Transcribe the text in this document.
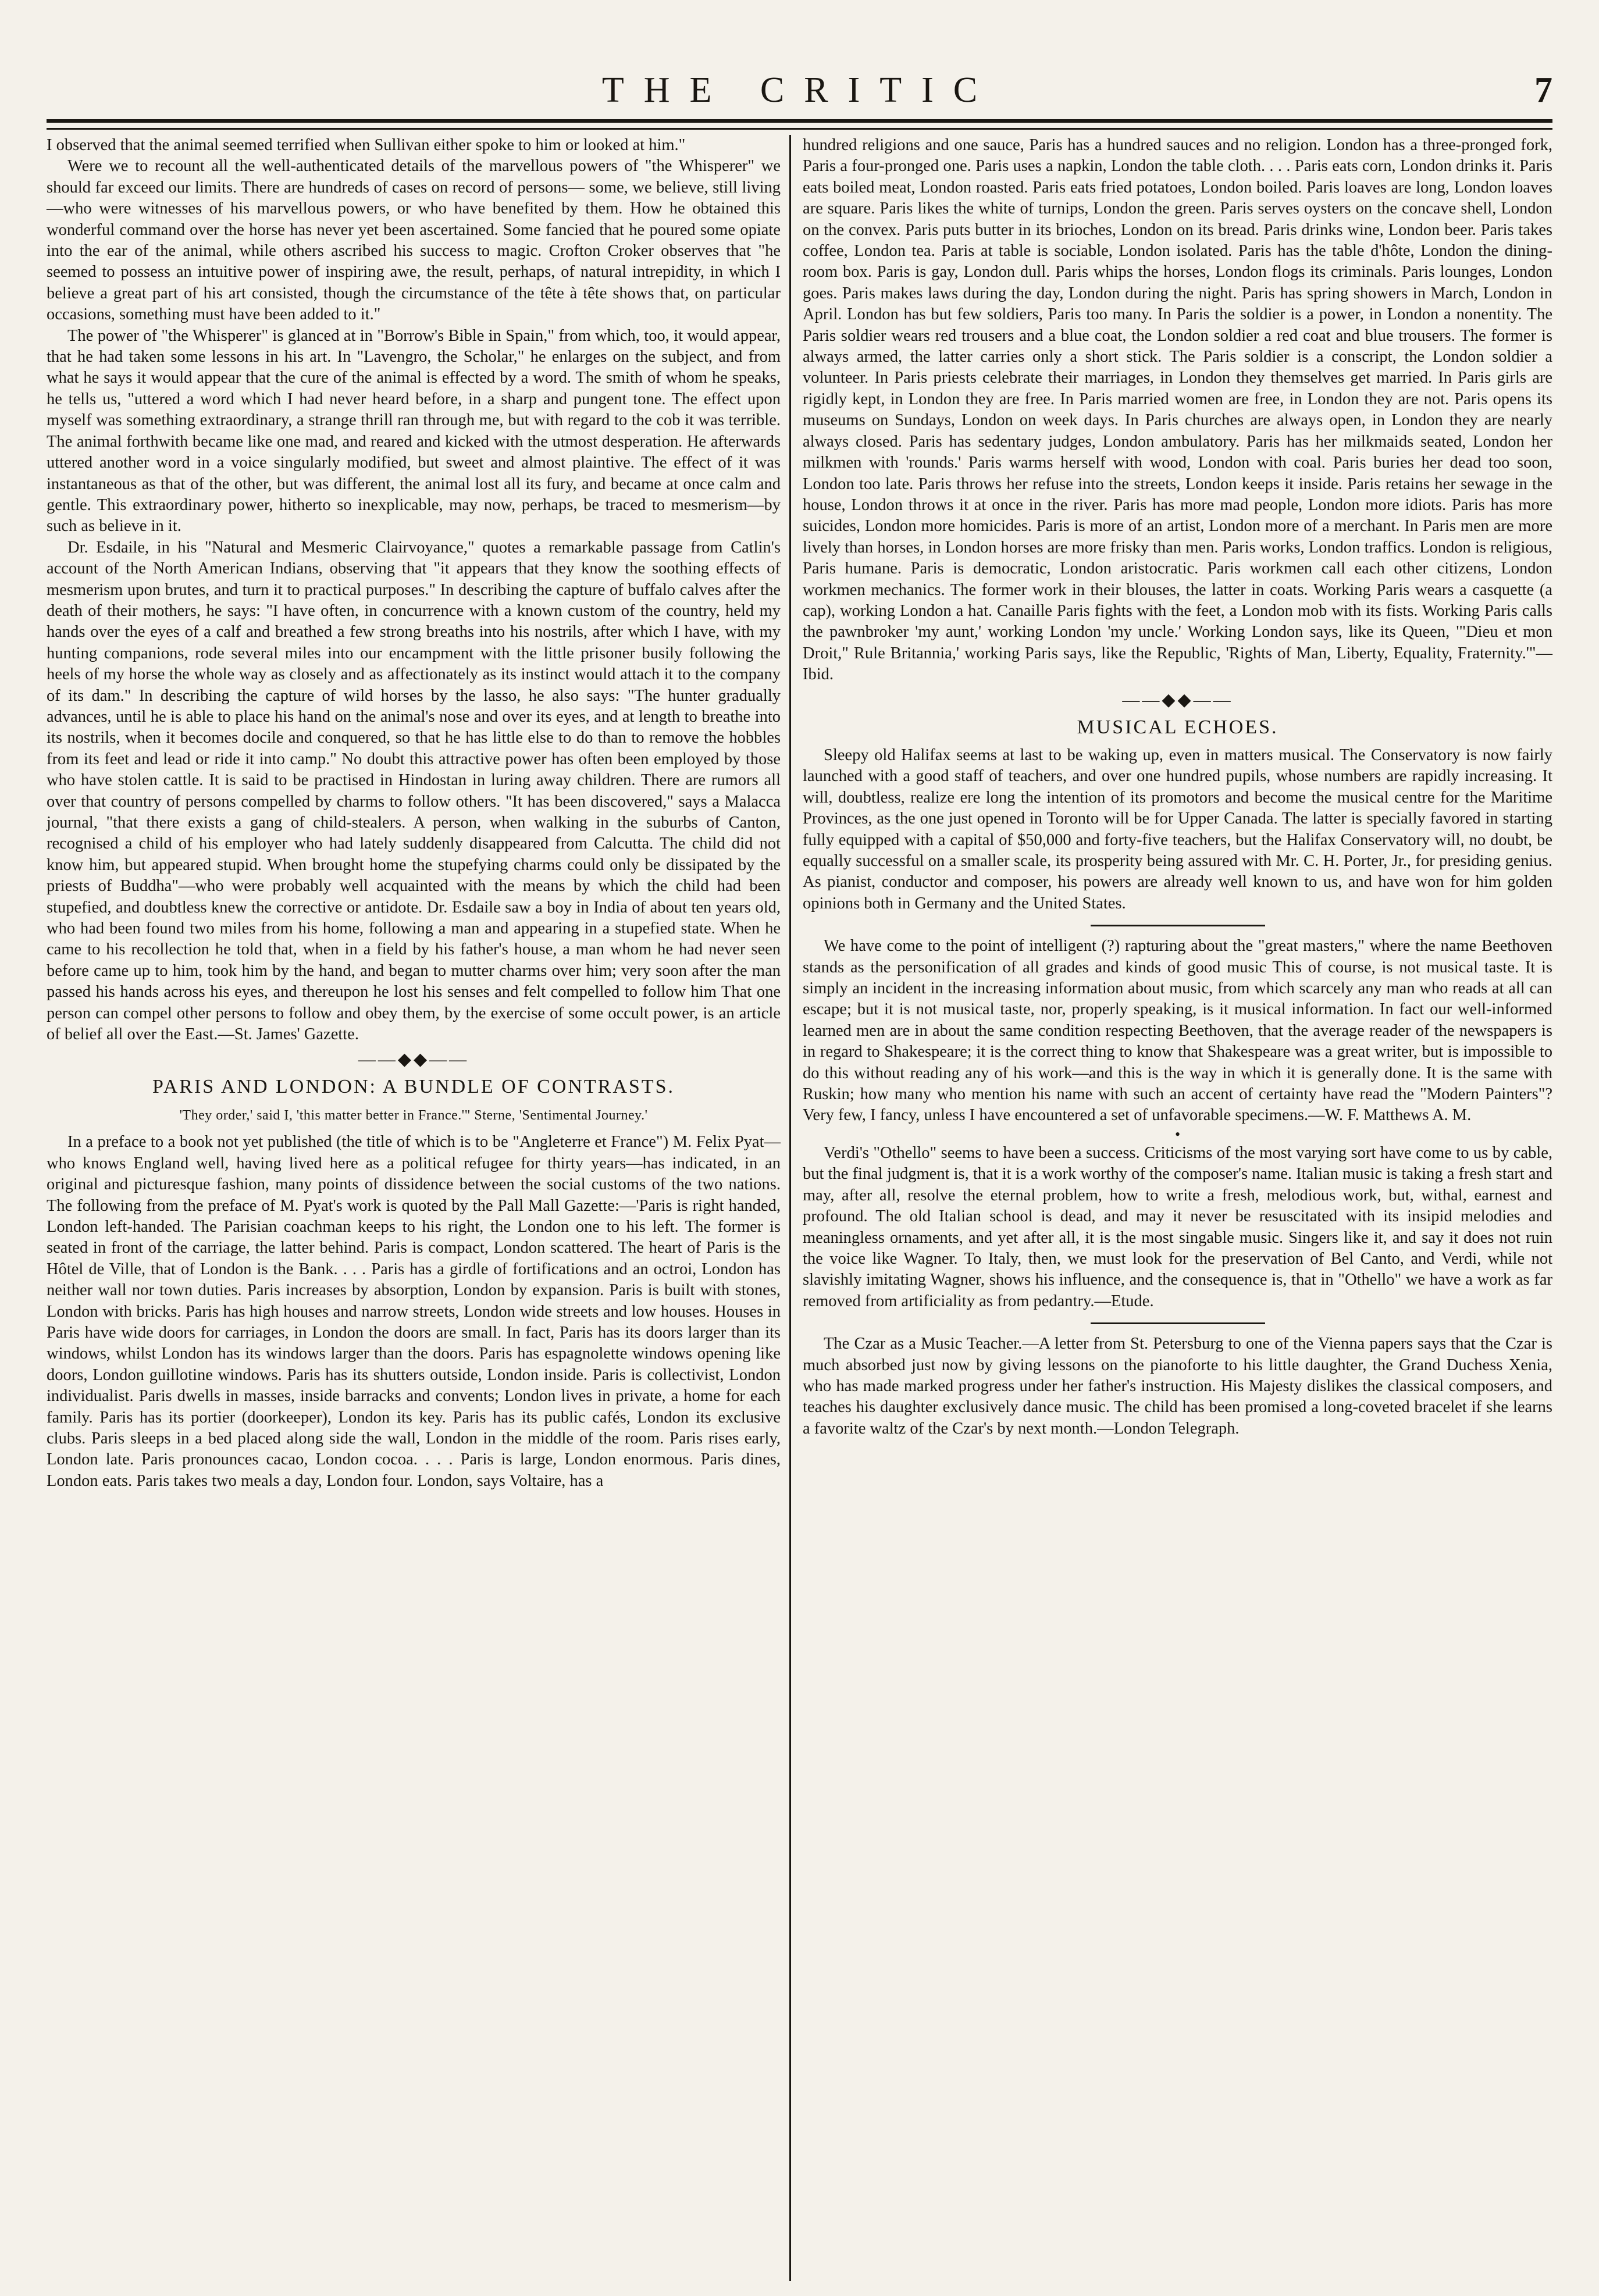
THE CRITIC	7

I observed that the animal seemed terrified when Sullivan either spoke to him or looked at him."

Were we to recount all the well-authenticated details of the marvellous powers of "the Whisperer" we should far exceed our limits. There are hundreds of cases on record of persons— some, we believe, still living—who were witnesses of his marvellous powers, or who have benefited by them. How he obtained this wonderful command over the horse has never yet been ascertained. Some fancied that he poured some opiate into the ear of the animal, while others ascribed his success to magic. Crofton Croker observes that "he seemed to possess an intuitive power of inspiring awe, the result, perhaps, of natural intrepidity, in which I believe a great part of his art consisted, though the circumstance of the tête à tête shows that, on particular occasions, something must have been added to it."

The power of "the Whisperer" is glanced at in "Borrow's Bible in Spain," from which, too, it would appear, that he had taken some lessons in his art. In "Lavengro, the Scholar," he enlarges on the subject, and from what he says it would appear that the cure of the animal is effected by a word. The smith of whom he speaks, he tells us, "uttered a word which I had never heard before, in a sharp and pungent tone. The effect upon myself was something extraordinary, a strange thrill ran through me, but with regard to the cob it was terrible. The animal forthwith became like one mad, and reared and kicked with the utmost desperation. He afterwards uttered another word in a voice singularly modified, but sweet and almost plaintive. The effect of it was instantaneous as that of the other, but was different, the animal lost all its fury, and became at once calm and gentle. This extraordinary power, hitherto so inexplicable, may now, perhaps, be traced to mesmerism—by such as believe in it.

Dr. Esdaile, in his "Natural and Mesmeric Clairvoyance," quotes a remarkable passage from Catlin's account of the North American Indians, observing that "it appears that they know the soothing effects of mesmerism upon brutes, and turn it to practical purposes." In describing the capture of buffalo calves after the death of their mothers, he says: "I have often, in concurrence with a known custom of the country, held my hands over the eyes of a calf and breathed a few strong breaths into his nostrils, after which I have, with my hunting companions, rode several miles into our encampment with the little prisoner busily following the heels of my horse the whole way as closely and as affectionately as its instinct would attach it to the company of its dam." In describing the capture of wild horses by the lasso, he also says: "The hunter gradually advances, until he is able to place his hand on the animal's nose and over its eyes, and at length to breathe into its nostrils, when it becomes docile and conquered, so that he has little else to do than to remove the hobbles from its feet and lead or ride it into camp." No doubt this attractive power has often been employed by those who have stolen cattle. It is said to be practised in Hindostan in luring away children. There are rumors all over that country of persons compelled by charms to follow others. "It has been discovered," says a Malacca journal, "that there exists a gang of child-stealers. A person, when walking in the suburbs of Canton, recognised a child of his employer who had lately suddenly disappeared from Calcutta. The child did not know him, but appeared stupid. When brought home the stupefying charms could only be dissipated by the priests of Buddha"—who were probably well acquainted with the means by which the child had been stupefied, and doubtless knew the corrective or antidote. Dr. Esdaile saw a boy in India of about ten years old, who had been found two miles from his home, following a man and appearing in a stupefied state. When he came to his recollection he told that, when in a field by his father's house, a man whom he had never seen before came up to him, took him by the hand, and began to mutter charms over him; very soon after the man passed his hands across his eyes, and thereupon he lost his senses and felt compelled to follow him That one person can compel other persons to follow and obey them, by the exercise of some occult power, is an article of belief all over the East.—St. James' Gazette.

——◆◆——
PARIS AND LONDON: A BUNDLE OF CONTRASTS.
'They order,' said I, 'this matter better in France.'" Sterne, 'Sentimental Journey.'

In a preface to a book not yet published (the title of which is to be "Angleterre et France") M. Felix Pyat—who knows England well, having lived here as a political refugee for thirty years—has indicated, in an original and picturesque fashion, many points of dissidence between the social customs of the two nations. The following from the preface of M. Pyat's work is quoted by the Pall Mall Gazette:—'Paris is right handed, London left-handed. The Parisian coachman keeps to his right, the London one to his left. The former is seated in front of the carriage, the latter behind. Paris is compact, London scattered. The heart of Paris is the Hôtel de Ville, that of London is the Bank. . . . Paris has a girdle of fortifications and an octroi, London has neither wall nor town duties. Paris increases by absorption, London by expansion. Paris is built with stones, London with bricks. Paris has high houses and narrow streets, London wide streets and low houses. Houses in Paris have wide doors for carriages, in London the doors are small. In fact, Paris has its doors larger than its windows, whilst London has its windows larger than the doors. Paris has espagnolette windows opening like doors, London guillotine windows. Paris has its shutters outside, London inside. Paris is collectivist, London individualist. Paris dwells in masses, inside barracks and convents; London lives in private, a home for each family. Paris has its portier (doorkeeper), London its key. Paris has its public cafés, London its exclusive clubs. Paris sleeps in a bed placed along side the wall, London in the middle of the room. Paris rises early, London late. Paris pronounces cacao, London cocoa. . . . Paris is large, London enormous. Paris dines, London eats. Paris takes two meals a day, London four. London, says Voltaire, has a

hundred religions and one sauce, Paris has a hundred sauces and no religion. London has a three-pronged fork, Paris a four-pronged one. Paris uses a napkin, London the table cloth. . . . Paris eats corn, London drinks it. Paris eats boiled meat, London roasted. Paris eats fried potatoes, London boiled. Paris loaves are long, London loaves are square. Paris likes the white of turnips, London the green. Paris serves oysters on the concave shell, London on the convex. Paris puts butter in its brioches, London on its bread. Paris drinks wine, London beer. Paris takes coffee, London tea. Paris at table is sociable, London isolated. Paris has the table d'hôte, London the dining-room box. Paris is gay, London dull. Paris whips the horses, London flogs its criminals. Paris lounges, London goes. Paris makes laws during the day, London during the night. Paris has spring showers in March, London in April. London has but few soldiers, Paris too many. In Paris the soldier is a power, in London a nonentity. The Paris soldier wears red trousers and a blue coat, the London soldier a red coat and blue trousers. The former is always armed, the latter carries only a short stick. The Paris soldier is a conscript, the London soldier a volunteer. In Paris priests celebrate their marriages, in London they themselves get married. In Paris girls are rigidly kept, in London they are free. In Paris married women are free, in London they are not. Paris opens its museums on Sundays, London on week days. In Paris churches are always open, in London they are nearly always closed. Paris has sedentary judges, London ambulatory. Paris has her milkmaids seated, London her milkmen with 'rounds.' Paris warms herself with wood, London with coal. Paris buries her dead too soon, London too late. Paris throws her refuse into the streets, London keeps it inside. Paris retains her sewage in the house, London throws it at once in the river. Paris has more mad people, London more idiots. Paris has more suicides, London more homicides. Paris is more of an artist, London more of a merchant. In Paris men are more lively than horses, in London horses are more frisky than men. Paris works, London traffics. London is religious, Paris humane. Paris is democratic, London aristocratic. Paris workmen call each other citizens, London workmen mechanics. The former work in their blouses, the latter in coats. Working Paris wears a casquette (a cap), working London a hat. Canaille Paris fights with the feet, a London mob with its fists. Working Paris calls the pawnbroker 'my aunt,' working London 'my uncle.' Working London says, like its Queen, '"Dieu et mon Droit," Rule Britannia,' working Paris says, like the Republic, 'Rights of Man, Liberty, Equality, Fraternity.'"—Ibid.

——◆◆——
MUSICAL ECHOES.

Sleepy old Halifax seems at last to be waking up, even in matters musical. The Conservatory is now fairly launched with a good staff of teachers, and over one hundred pupils, whose numbers are rapidly increasing. It will, doubtless, realize ere long the intention of its promotors and become the musical centre for the Maritime Provinces, as the one just opened in Toronto will be for Upper Canada. The latter is specially favored in starting fully equipped with a capital of $50,000 and forty-five teachers, but the Halifax Conservatory will, no doubt, be equally successful on a smaller scale, its prosperity being assured with Mr. C. H. Porter, Jr., for presiding genius. As pianist, conductor and composer, his powers are already well known to us, and have won for him golden opinions both in Germany and the United States.

We have come to the point of intelligent (?) rapturing about the "great masters," where the name Beethoven stands as the personification of all grades and kinds of good music This of course, is not musical taste. It is simply an incident in the increasing information about music, from which scarcely any man who reads at all can escape; but it is not musical taste, nor, properly speaking, is it musical information. In fact our well-informed learned men are in about the same condition respecting Beethoven, that the average reader of the newspapers is in regard to Shakespeare; it is the correct thing to know that Shakespeare was a great writer, but is impossible to do this without reading any of his work—and this is the way in which it is generally done. It is the same with Ruskin; how many who mention his name with such an accent of certainty have read the "Modern Painters"? Very few, I fancy, unless I have encountered a set of unfavorable specimens.—W. F. Matthews A. M.

•

Verdi's "Othello" seems to have been a success. Criticisms of the most varying sort have come to us by cable, but the final judgment is, that it is a work worthy of the composer's name. Italian music is taking a fresh start and may, after all, resolve the eternal problem, how to write a fresh, melodious work, but, withal, earnest and profound. The old Italian school is dead, and may it never be resuscitated with its insipid melodies and meaningless ornaments, and yet after all, it is the most singable music. Singers like it, and say it does not ruin the voice like Wagner. To Italy, then, we must look for the preservation of Bel Canto, and Verdi, while not slavishly imitating Wagner, shows his influence, and the consequence is, that in "Othello" we have a work as far removed from artificiality as from pedantry.—Etude.

The Czar as a Music Teacher.—A letter from St. Petersburg to one of the Vienna papers says that the Czar is much absorbed just now by giving lessons on the pianoforte to his little daughter, the Grand Duchess Xenia, who has made marked progress under her father's instruction. His Majesty dislikes the classical composers, and teaches his daughter exclusively dance music. The child has been promised a long-coveted bracelet if she learns a favorite waltz of the Czar's by next month.—London Telegraph.
